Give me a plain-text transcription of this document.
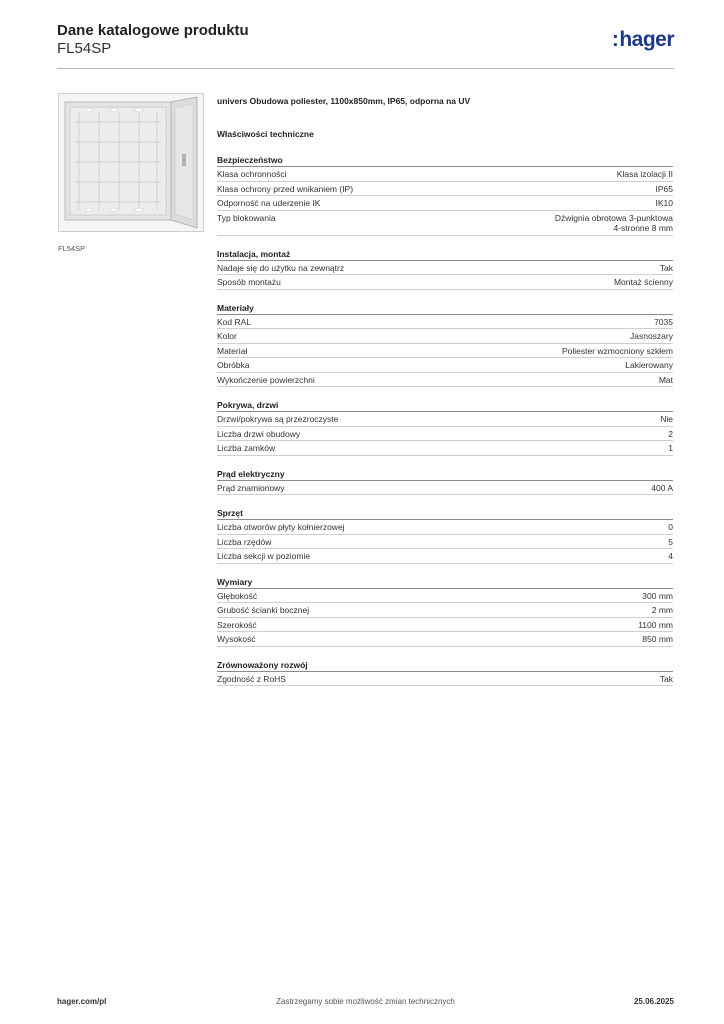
Dane katalogowe produktu
FL54SP	:hager
FL54SP
univers Obudowa poliester, 1100x850mm, IP65, odporna na UV
Właściwości techniczne
Bezpieczeństwo
Klasa ochronności	Klasa izolacji II
Klasa ochrony przed wnikaniem (IP)	IP65
Odporność na uderzenie IK	IK10
Typ blokowania	Dźwignia obrotowa 3-punktowa
4-stronne 8 mm
Instalacja, montaż
Nadaje się do użytku na zewnątrz	Tak
Sposób montażu	Montaż ścienny
Materiały
Kod RAL	7035
Kolor	Jasnoszary
Materiał	Poliester wzmocniony szkłem
Obróbka	Lakierowany
Wykończenie powierzchni	Mat
Pokrywa, drzwi
Drzwi/pokrywa są przezroczyste	Nie
Liczba drzwi obudowy	2
Liczba zamków	1
Prąd elektryczny
Prąd znamionowy	400 A
Sprzęt
Liczba otworów płyty kołnierzowej	0
Liczba rzędów	5
Liczba sekcji w poziomie	4
Wymiary
Głębokość	300 mm
Grubość ścianki bocznej	2 mm
Szerokość	1100 mm
Wysokość	850 mm
Zrównoważony rozwój
Zgodność z RoHS	Tak
hager.com/pl	Zastrzegamy sobie możliwość zmian technicznych	25.06.2025
